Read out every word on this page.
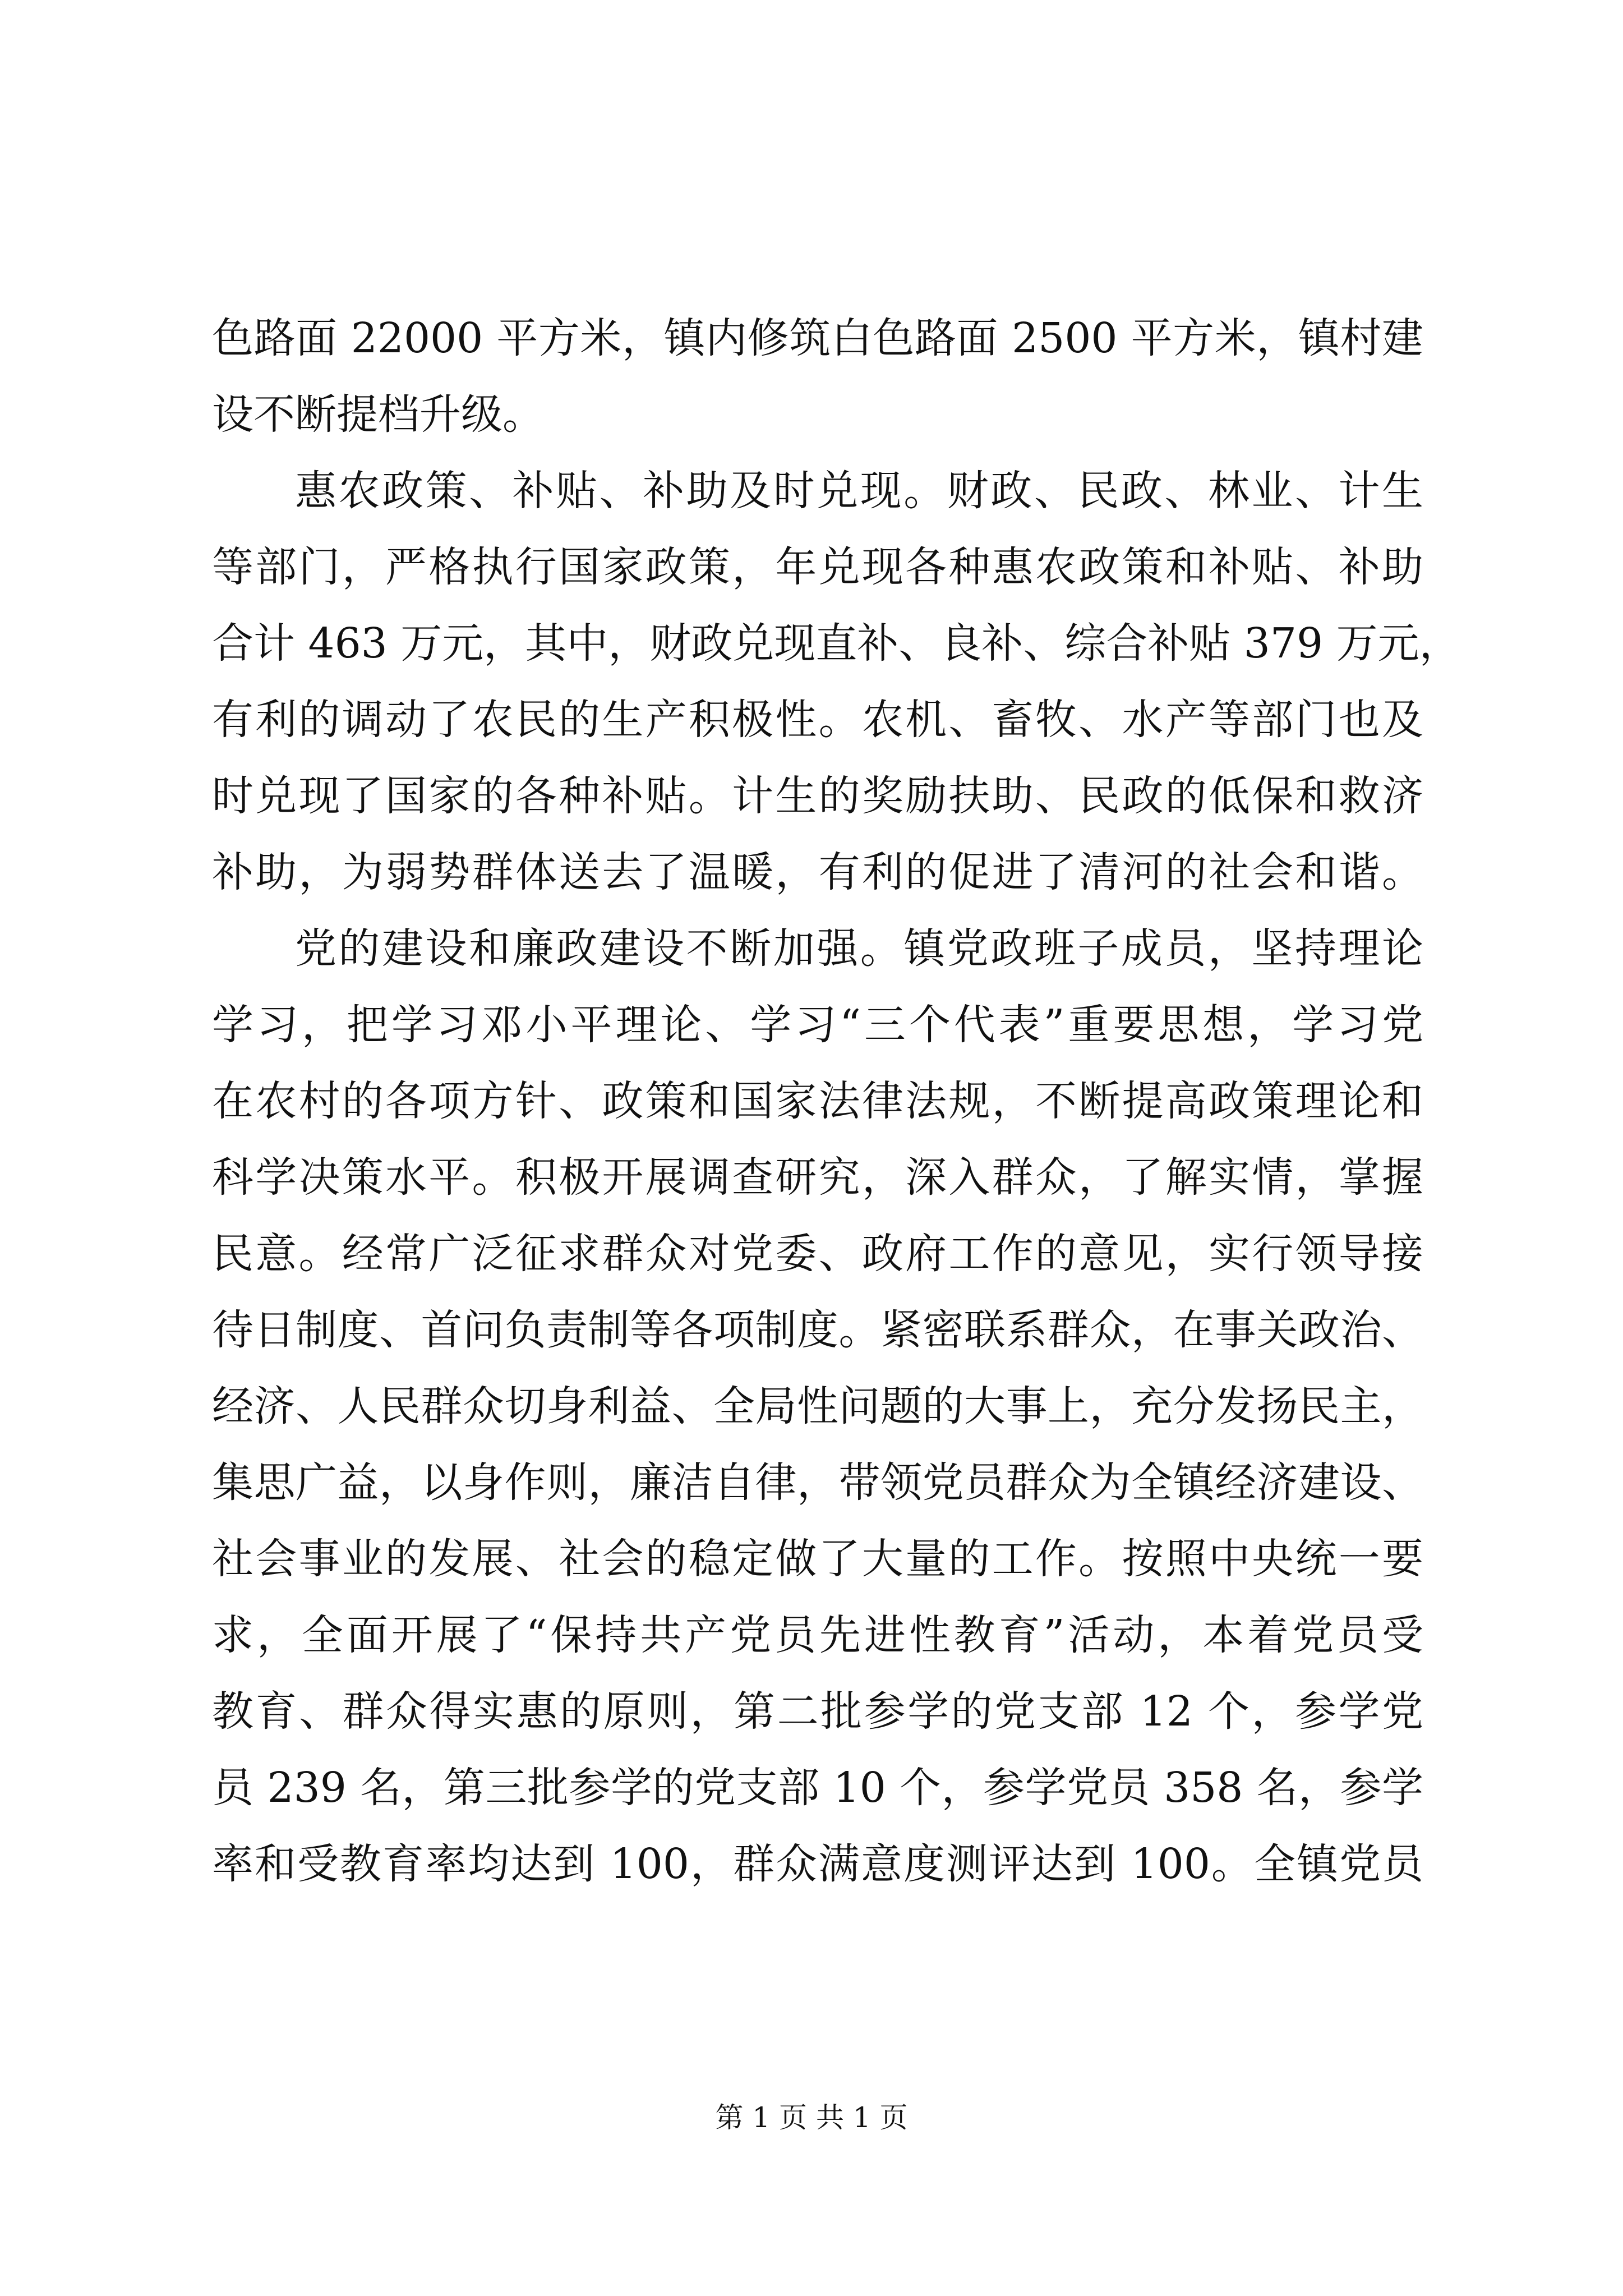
色路面 22000 平方米，镇内修筑白色路面 2500 平方米，镇村建
设不断提档升级。
惠农政策、补贴、补助及时兑现。财政、民政、林业、计生
等部门，严格执行国家政策，年兑现各种惠农政策和补贴、补助
合计 463 万元，其中，财政兑现直补、良补、综合补贴 379 万元，
有利的调动了农民的生产积极性。农机、畜牧、水产等部门也及
时兑现了国家的各种补贴。计生的奖励扶助、民政的低保和救济
补助，为弱势群体送去了温暖，有利的促进了清河的社会和谐。
党的建设和廉政建设不断加强。镇党政班子成员，坚持理论
学习，把学习邓小平理论、学习“三个代表”重要思想，学习党
在农村的各项方针、政策和国家法律法规，不断提高政策理论和
科学决策水平。积极开展调查研究，深入群众，了解实情，掌握
民意。经常广泛征求群众对党委、政府工作的意见，实行领导接
待日制度、首问负责制等各项制度。紧密联系群众，在事关政治、
经济、人民群众切身利益、全局性问题的大事上，充分发扬民主，
集思广益，以身作则，廉洁自律，带领党员群众为全镇经济建设、
社会事业的发展、社会的稳定做了大量的工作。按照中央统一要
求，全面开展了“保持共产党员先进性教育”活动，本着党员受
教育、群众得实惠的原则，第二批参学的党支部 12 个，参学党
员 239 名，第三批参学的党支部 10 个，参学党员 358 名，参学
率和受教育率均达到 100，群众满意度测评达到 100。全镇党员
第 1 页 共 1 页
